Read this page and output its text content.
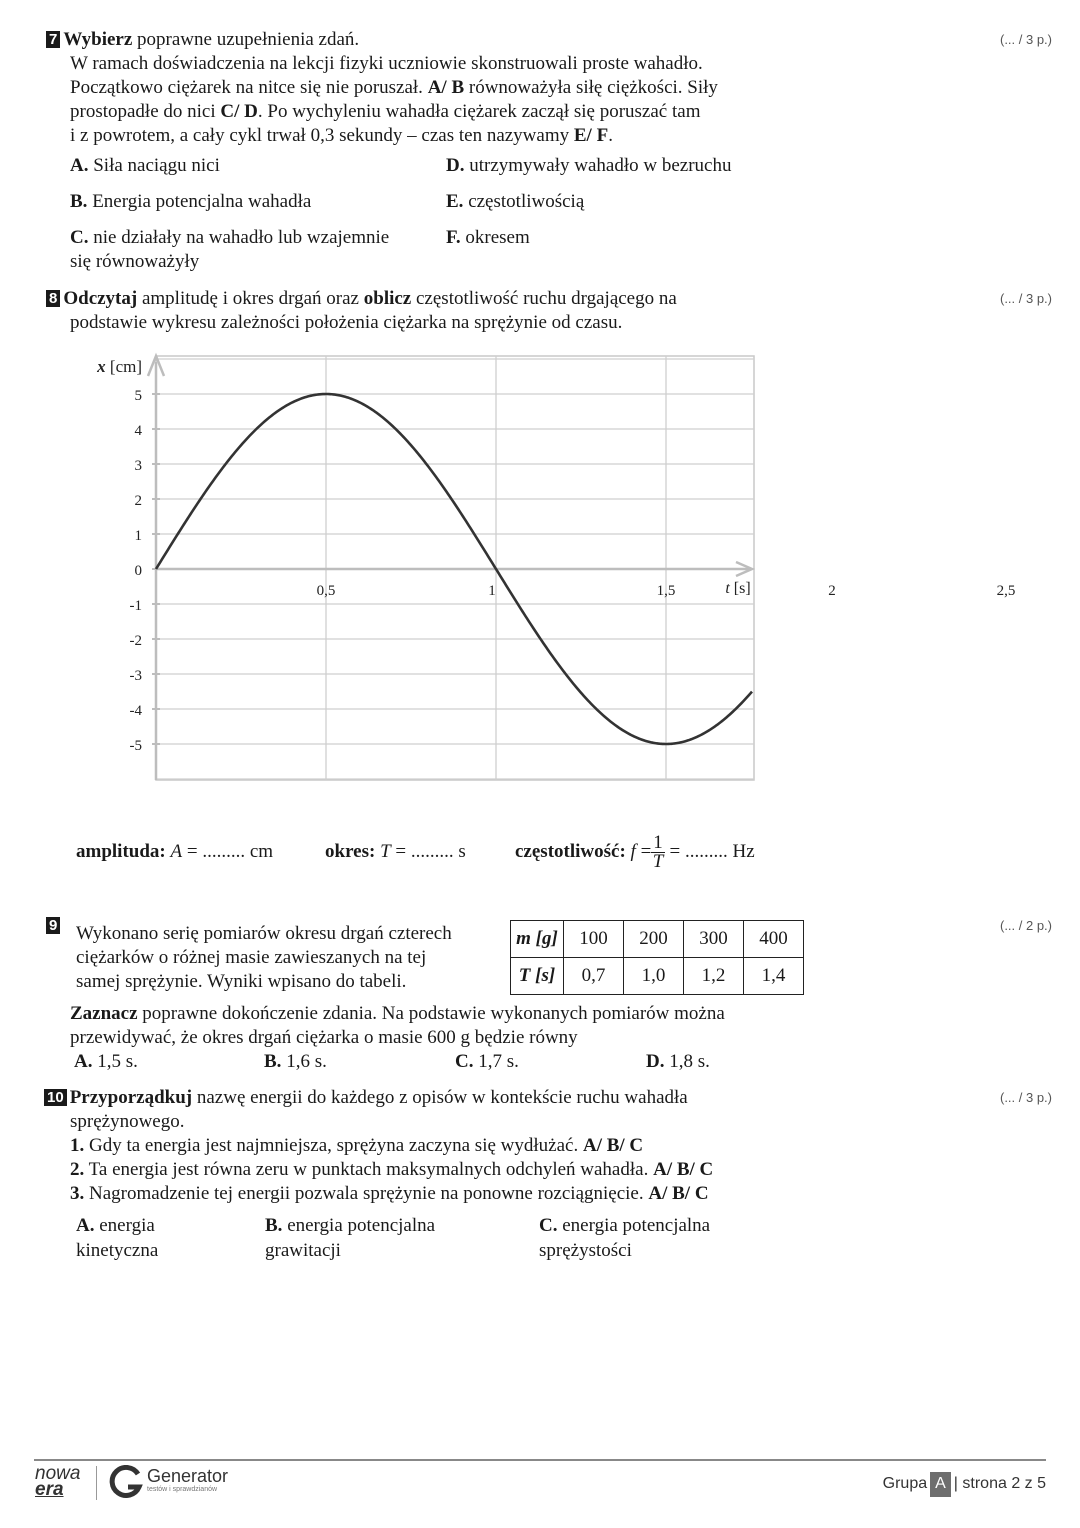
7 Wybierz poprawne uzupełnienia zdań.	(... / 3 p.)
W ramach doświadczenia na lekcji fizyki uczniowie skonstruowali proste wahadło.
Początkowo ciężarek na nitce się nie poruszał. A/ B równoważyła siłę ciężkości. Siły
prostopadłe do nici C/ D. Po wychyleniu wahadła ciężarek zaczął się poruszać tam
i z powrotem, a cały cykl trwał 0,3 sekundy – czas ten nazywamy E/ F.
A. Siła naciągu nici	D. utrzymywały wahadło w bezruchu
B. Energia potencjalna wahadła	E. częstotliwością
C. nie działały na wahadło lub wzajemnie	F. okresem
się równoważyły
8 Odczytaj amplitudę i okres drgań oraz oblicz częstotliwość ruchu drgającego na	(... / 3 p.)
podstawie wykresu zależności położenia ciężarka na sprężynie od czasu.
5
4
3
2
1
0
-1
-2
-3
-4
-5
0,5	1	1,5	2	2,5
x [cm]
t [s]
amplituda: A = ......... cm	okres: T = ......... s	częstotliwość: $f = \frac{1}{T}$ = ......... Hz
9	(... / 2 p.)
Wykonano serię pomiarów okresu drgań czterech
ciężarków o różnej masie zawieszanych na tej
samej sprężynie. Wyniki wpisano do tabeli.
m [g]	100	200	300	400
T [s]	0,7	1,0	1,2	1,4
Zaznacz poprawne dokończenie zdania. Na podstawie wykonanych pomiarów można
przewidywać, że okres drgań ciężarka o masie 600 g będzie równy
A. 1,5 s.	B. 1,6 s.	C. 1,7 s.	D. 1,8 s.
10 Przyporządkuj nazwę energii do każdego z opisów w kontekście ruchu wahadła	(... / 3 p.)
sprężynowego.
1. Gdy ta energia jest najmniejsza, sprężyna zaczyna się wydłużać. A/ B/ C
2. Ta energia jest równa zeru w punktach maksymalnych odchyleń wahadła. A/ B/ C
3. Nagromadzenie tej energii pozwala sprężynie na ponowne rozciągnięcie. A/ B/ C
A. energia
kinetyczna
B. energia potencjalna
grawitacji
C. energia potencjalna
sprężystości
nowa
era
Generator
testów i sprawdzianów	Grupa A | strona 2 z 5
